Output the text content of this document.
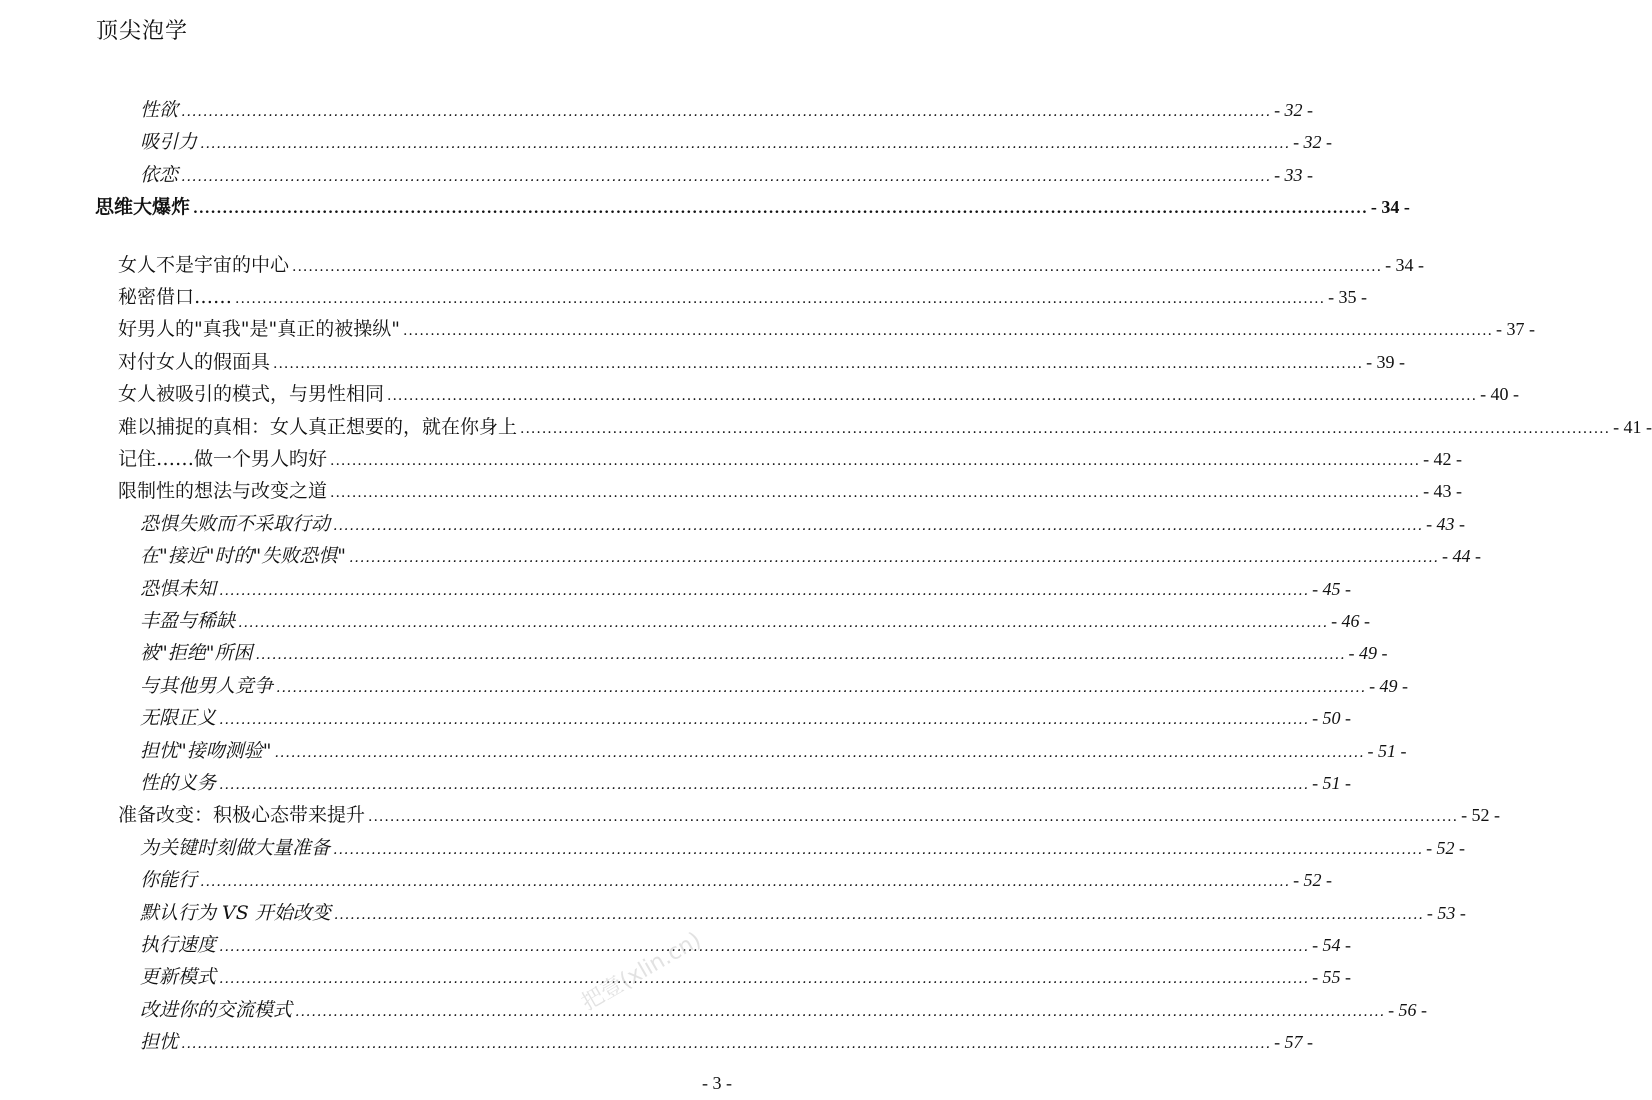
顶尖泡学
性欲 ........................................................................................................................................................................................................ - 32 -
吸引力 ........................................................................................................................................................................................................ - 32 -
依恋 ........................................................................................................................................................................................................ - 33 -
思维大爆炸 ........................................................................................................................................................................................................ - 34 -
女人不是宇宙的中心 ........................................................................................................................................................................................................ - 34 -
秘密借口…… ........................................................................................................................................................................................................ - 35 -
好男人的"真我"是"真正的被操纵" ........................................................................................................................................................................................................ - 37 -
对付女人的假面具 ........................................................................................................................................................................................................ - 39 -
女人被吸引的模式，与男性相同 ........................................................................................................................................................................................................ - 40 -
难以捕捉的真相：女人真正想要的，就在你身上 ........................................................................................................................................................................................................ - 41 -
记住……做一个男人昀好 ........................................................................................................................................................................................................ - 42 -
限制性的想法与改变之道 ........................................................................................................................................................................................................ - 43 -
恐惧失败而不采取行动 ........................................................................................................................................................................................................ - 43 -
在"接近"时的"失败恐惧" ........................................................................................................................................................................................................ - 44 -
恐惧未知 ........................................................................................................................................................................................................ - 45 -
丰盈与稀缺 ........................................................................................................................................................................................................ - 46 -
被"拒绝"所困 ........................................................................................................................................................................................................ - 49 -
与其他男人竞争 ........................................................................................................................................................................................................ - 49 -
无限正义 ........................................................................................................................................................................................................ - 50 -
担忧"接吻测验" ........................................................................................................................................................................................................ - 51 -
性的义务 ........................................................................................................................................................................................................ - 51 -
准备改变：积极心态带来提升 ........................................................................................................................................................................................................ - 52 -
为关键时刻做大量准备 ........................................................................................................................................................................................................ - 52 -
你能行 ........................................................................................................................................................................................................ - 52 -
默认行为 VS 开始改变 ........................................................................................................................................................................................................ - 53 -
执行速度 ........................................................................................................................................................................................................ - 54 -
更新模式 ........................................................................................................................................................................................................ - 55 -
改进你的交流模式 ........................................................................................................................................................................................................ - 56 -
担忧 ........................................................................................................................................................................................................ - 57 -
- 3 -
把壹(xlin.cn)
